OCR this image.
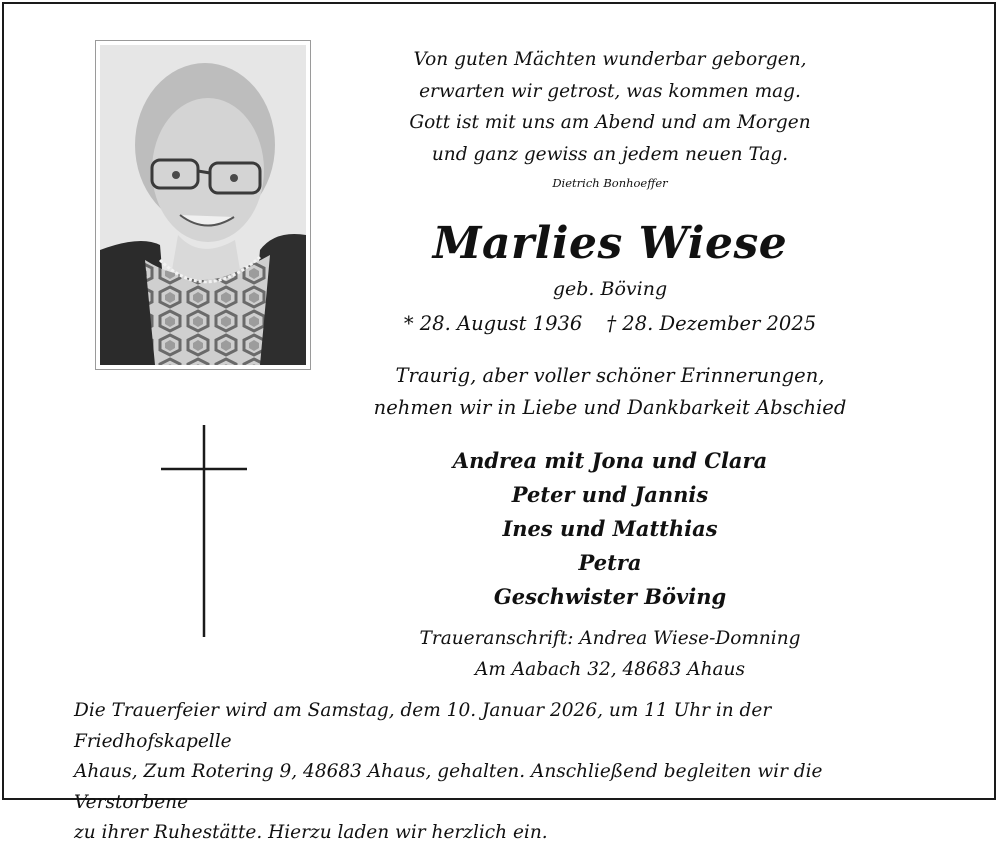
Von guten Mächten wunderbar geborgen,
erwarten wir getrost, was kommen mag.
Gott ist mit uns am Abend und am Morgen
und ganz gewiss an jedem neuen Tag.
Dietrich Bonhoeffer
Marlies Wiese
geb. Böving
* 28. August 1936 † 28. Dezember 2025
Traurig, aber voller schöner Erinnerungen,
nehmen wir in Liebe und Dankbarkeit Abschied
Andrea mit Jona und Clara
Peter und Jannis
Ines und Matthias
Petra
Geschwister Böving
Traueranschrift: Andrea Wiese-Domning
Am Aabach 32, 48683 Ahaus
Die Trauerfeier wird am Samstag, dem 10. Januar 2026, um 11 Uhr in der Friedhofskapelle
Ahaus, Zum Rotering 9, 48683 Ahaus, gehalten. Anschließend begleiten wir die Verstorbene
zu ihrer Ruhestätte. Hierzu laden wir herzlich ein.
